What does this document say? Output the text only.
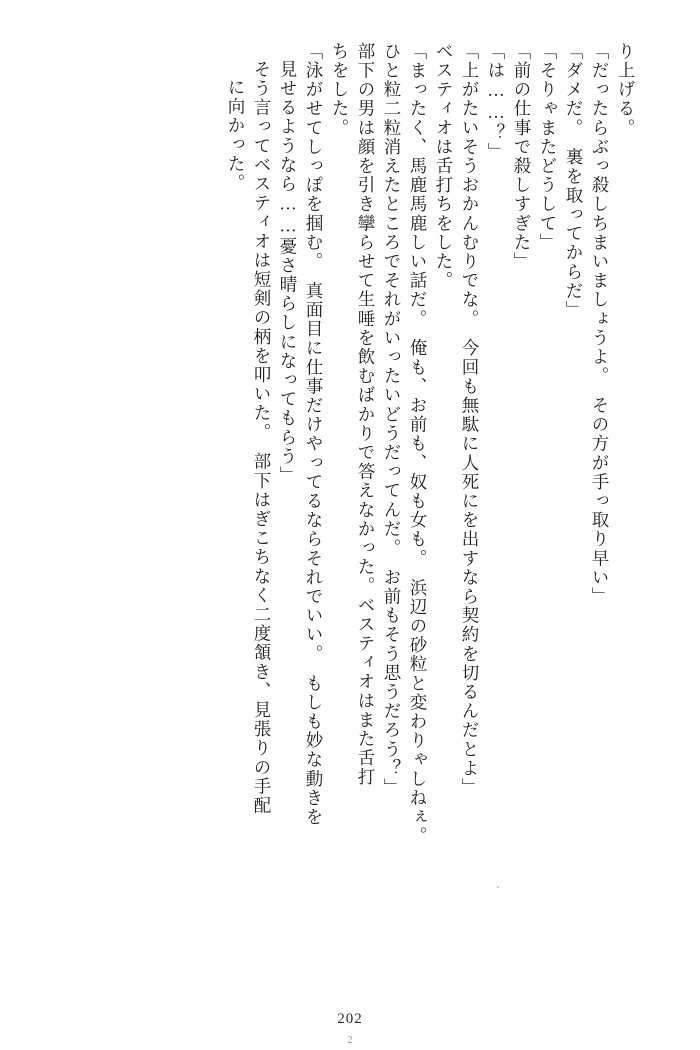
り上げる。
「だったらぶっ殺しちまいましょうよ。　その方が手っ取り早い」
「ダメだ。　裏を取ってからだ」
「そりゃまたどうして」
「前の仕事で殺しすぎた」
「は……？」
「上がたいそうおかんむりでな。　今回も無駄に人死にを出すなら契約を切るんだとよ」
ベスティオは舌打ちをした。
「まったく、馬鹿馬鹿しい話だ。　俺も、お前も、奴も女も。　浜辺の砂粒と変わりゃしねぇ。
ひと粒二粒消えたところでそれがいったいどうだってんだ。　お前もそう思うだろう？」
部下の男は顔を引き攣らせて生唾を飲むばかりで答えなかった。ベスティオはまた舌打
ちをした。
「泳がせてしっぽを掴む。　真面目に仕事だけやってるならそれでいい。　もしも妙な動きを
見せるようなら……憂さ晴らしになってもらう」
そう言ってベスティオは短剣の柄を叩いた。　部下はぎこちなく二度頷き、見張りの手配
に向かった。
202
2
